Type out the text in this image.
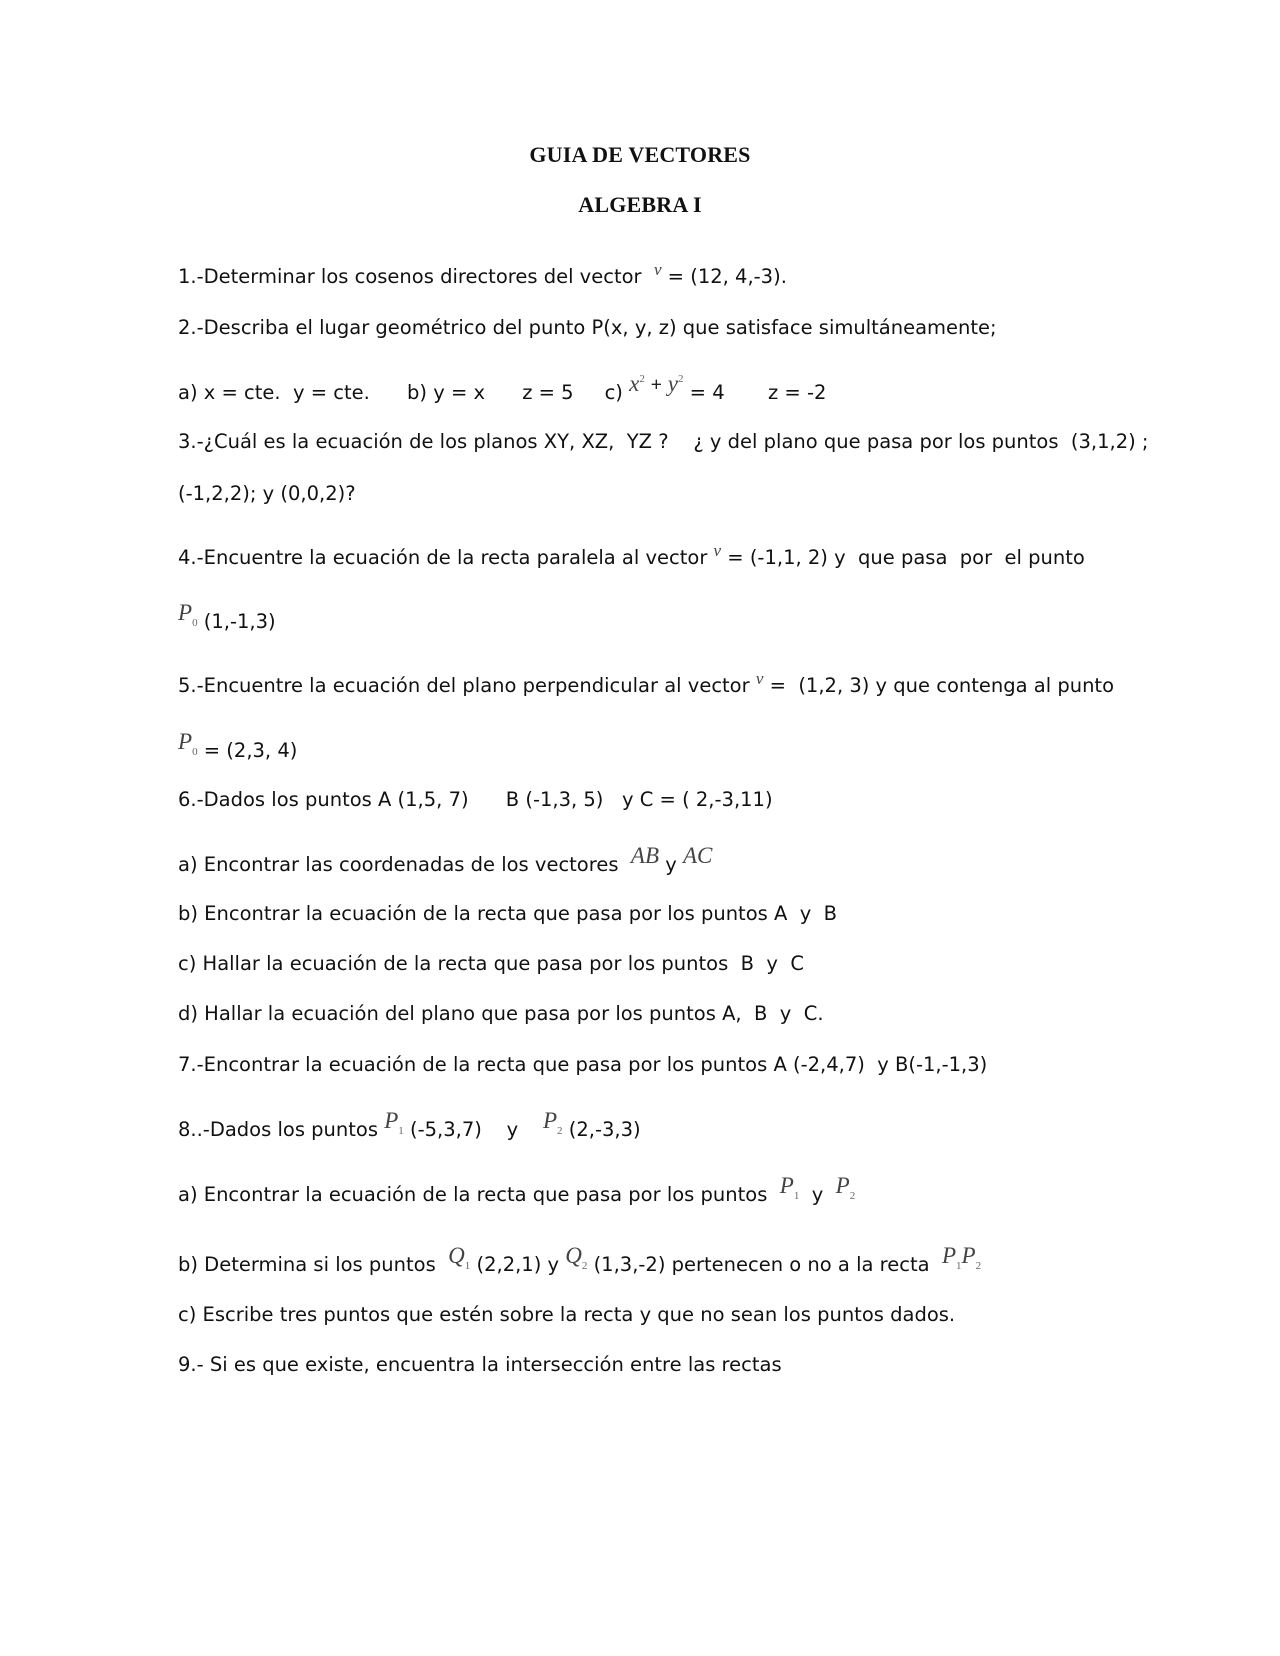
GUIA DE VECTORES
ALGEBRA I
1.-Determinar los cosenos directores del vector  v = (12, 4,-3).
2.-Describa el lugar geométrico del punto P(x, y, z) que satisface simultáneamente;
a) x = cte.  y = cte.      b) y = x      z = 5     c) $x^2 + y^2 = 4$       z = -2
3.-¿Cuál es la ecuación de los planos XY, XZ,  YZ ?    ¿ y del plano que pasa por los puntos  (3,1,2) ;
(-1,2,2); y (0,0,2)?
4.-Encuentre la ecuación de la recta paralela al vector v = (-1,1, 2) y  que pasa  por  el punto
$P_0$ (1,-1,3)
5.-Encuentre la ecuación del plano perpendicular al vector v =  (1,2, 3) y que contenga al punto
$P_0 = (2,3$, 4)
6.-Dados los puntos A (1,5, 7)      B (-1,3, 5)   y C = ( 2,-3,11)
a) Encontrar las coordenadas de los vectores  AB y AC
b) Encontrar la ecuación de la recta que pasa por los puntos A  y  B
c) Hallar la ecuación de la recta que pasa por los puntos  B  y  C
d) Hallar la ecuación del plano que pasa por los puntos A,  B  y  C.
7.-Encontrar la ecuación de la recta que pasa por los puntos A (-2,4,7)  y B(-1,-1,3)
8..-Dados los puntos $P_1$ (-5,3,7)    y    $P_2$ (2,-3,3)
a) Encontrar la ecuación de la recta que pasa por los puntos  $P_1$  y  $P_2$
b) Determina si los puntos  $Q_1$ (2,2,1) y $Q_2$ (1,3,-2) pertenecen o no a la recta  $P_1P_2$
c) Escribe tres puntos que estén sobre la recta y que no sean los puntos dados.
9.- Si es que existe, encuentra la intersección entre las rectas
